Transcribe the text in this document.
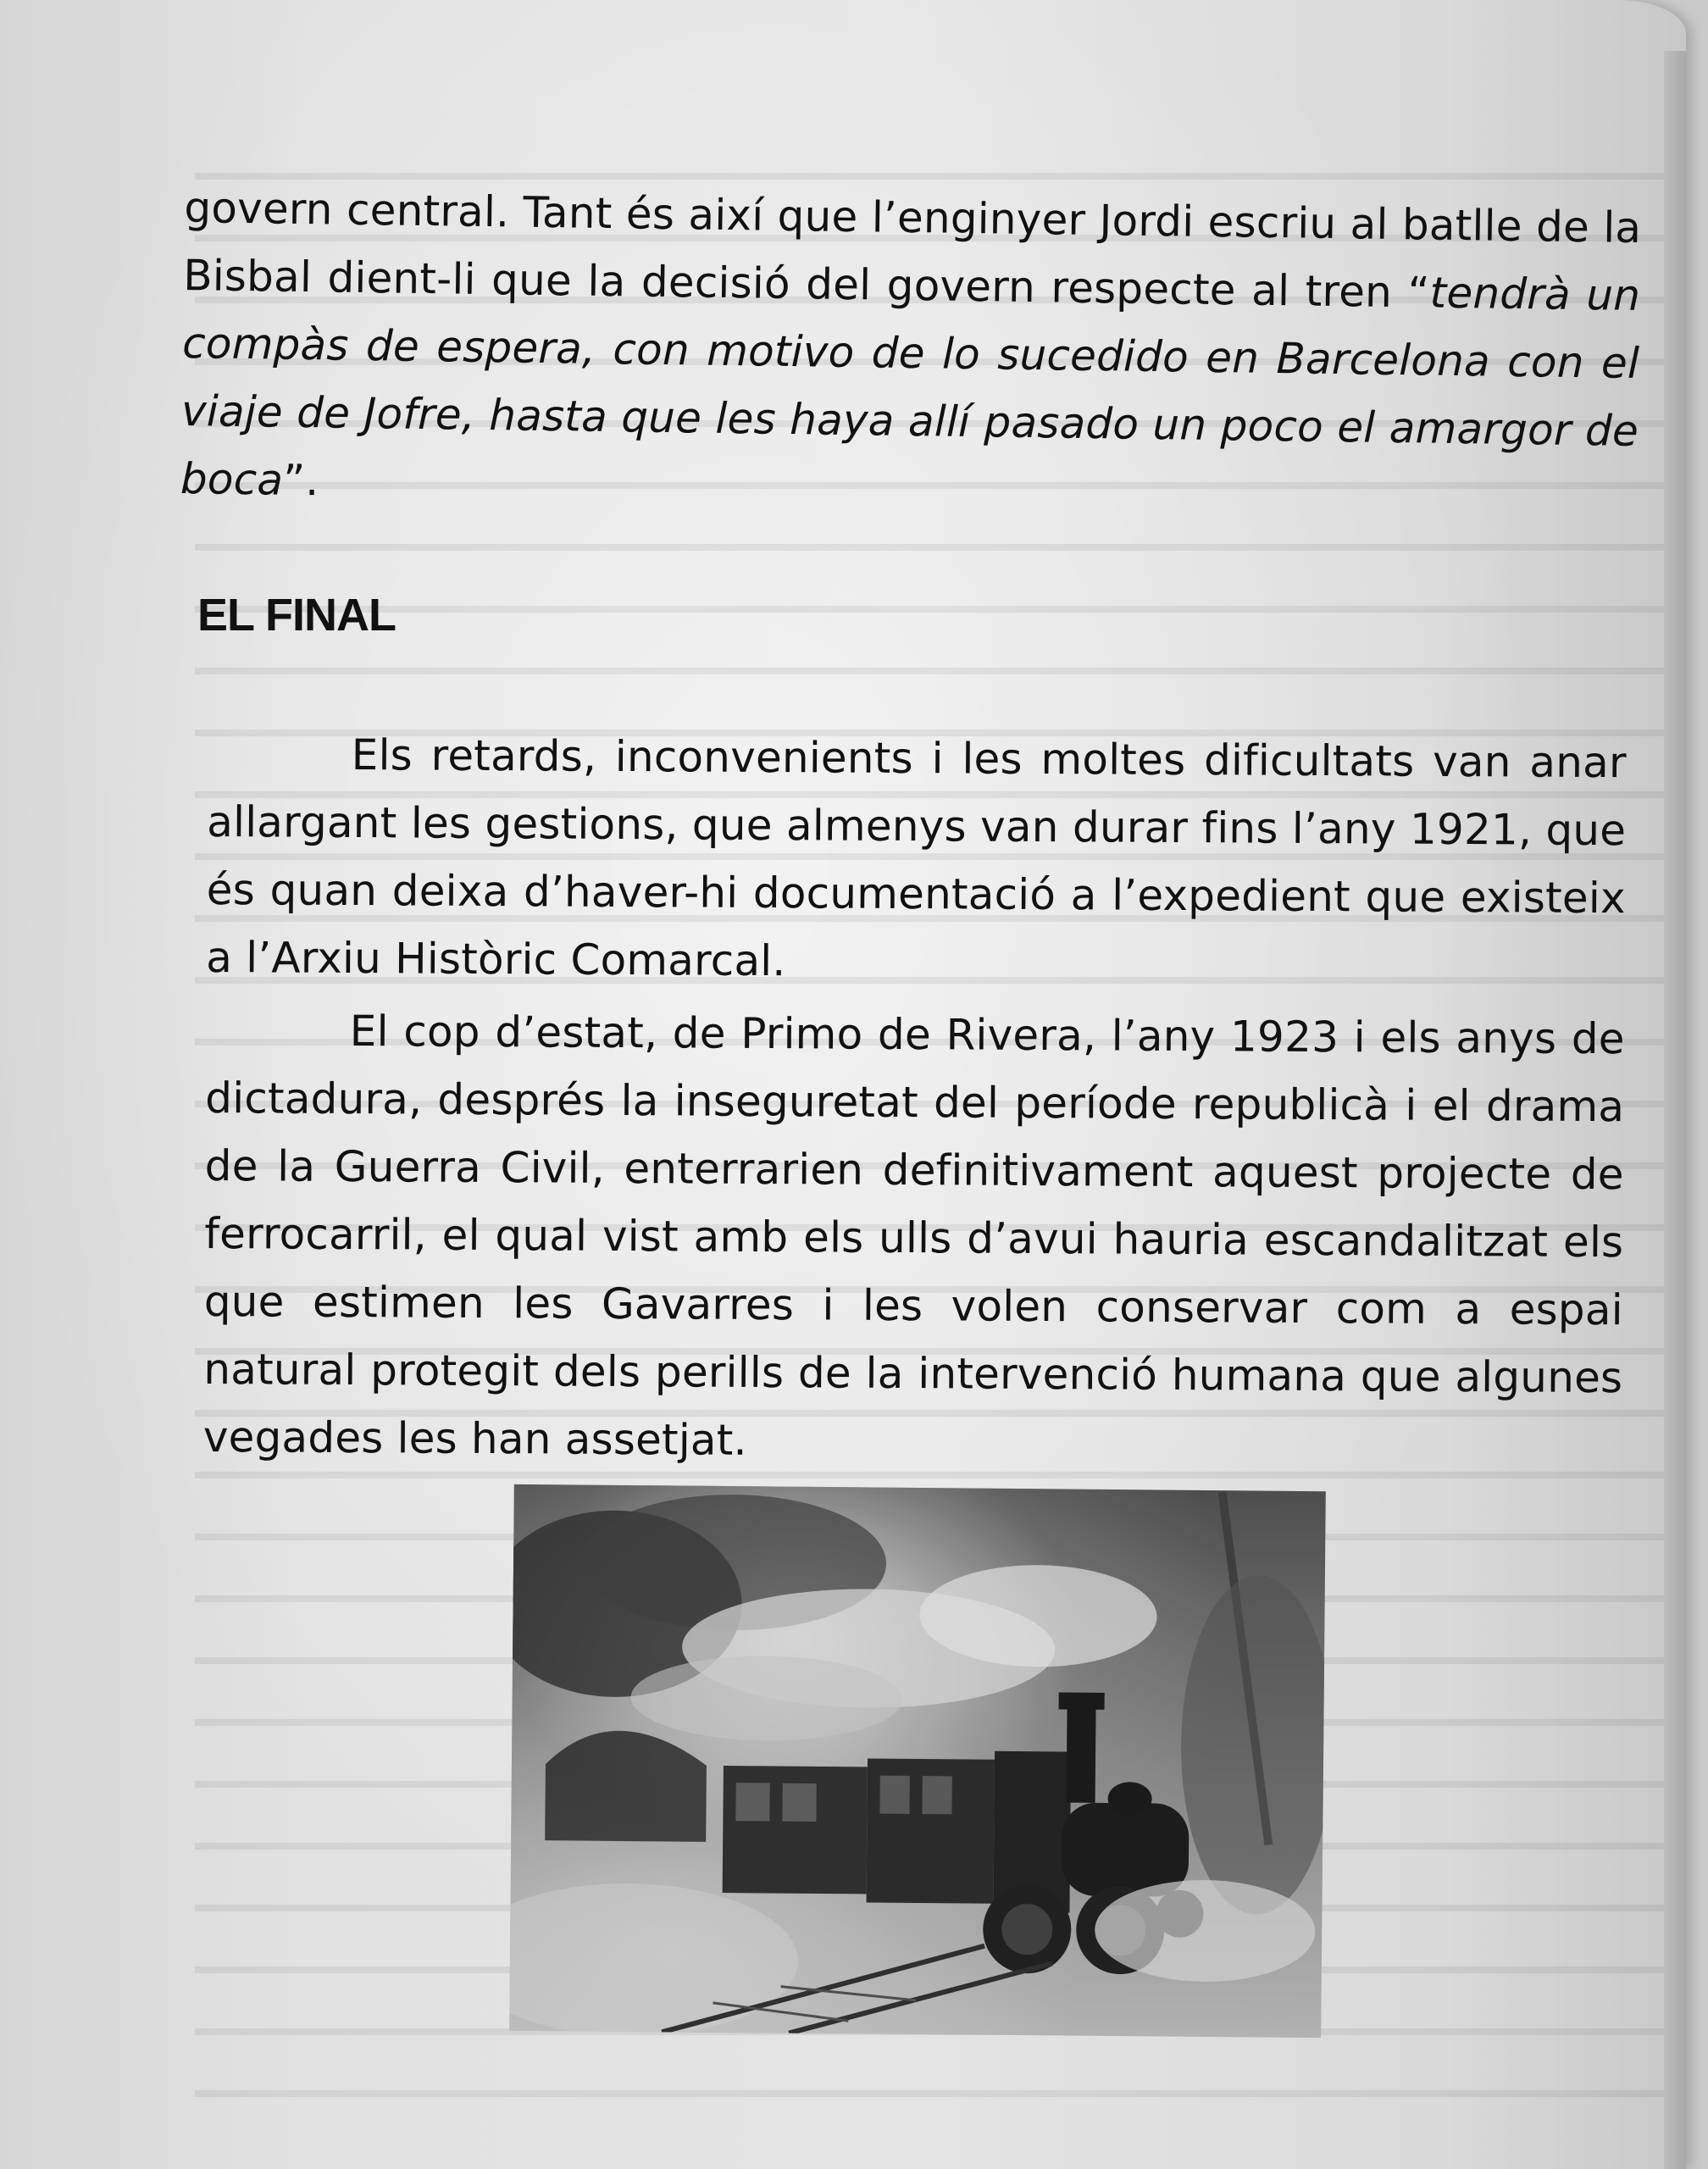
govern central. Tant és així que l’enginyer Jordi escriu al batlle de la Bisbal dient-li que la decisió del govern respecte al tren “tendrà un compàs de espera, con motivo de lo sucedido en Barcelona con el viaje de Jofre, hasta que les haya allí pasado un poco el amargor de boca”.

EL FINAL

Els retards, inconvenients i les moltes dificultats van anar allargant les gestions, que almenys van durar fins l’any 1921, que és quan deixa d’haver-hi documentació a l’expedient que existeix a l’Arxiu Històric Comarcal.

El cop d’estat, de Primo de Rivera, l’any 1923 i els anys de dictadura, després la inseguretat del període republicà i el drama de la Guerra Civil, enterrarien definitivament aquest projecte de ferrocarril, el qual vist amb els ulls d’avui hauria escandalitzat els que estimen les Gavarres i les volen conservar com a espai natural protegit dels perills de la intervenció humana que algunes vegades les han assetjat.
